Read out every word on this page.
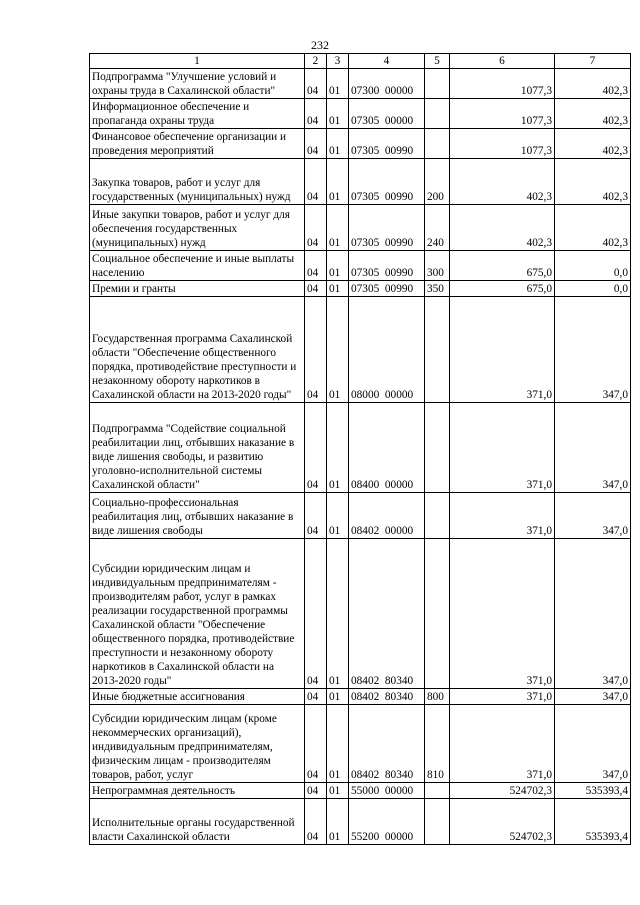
232
1	2	3	4	5	6	7
Подпрограмма "Улучшение условий и охраны труда в Сахалинской области"	04	01	07300  00000		1077,3	402,3
Информационное обеспечение и пропаганда охраны труда	04	01	07305  00000		1077,3	402,3
Финансовое обеспечение организации и проведения мероприятий	04	01	07305  00990		1077,3	402,3
Закупка товаров, работ и услуг для государственных (муниципальных) нужд	04	01	07305  00990	200	402,3	402,3
Иные закупки товаров, работ и услуг для обеспечения государственных (муниципальных) нужд	04	01	07305  00990	240	402,3	402,3
Социальное обеспечение и иные выплаты населению	04	01	07305  00990	300	675,0	0,0
Премии и гранты	04	01	07305  00990	350	675,0	0,0
Государственная программа Сахалинской области "Обеспечение общественного порядка, противодействие преступности и незаконному обороту наркотиков в Сахалинской области на 2013-2020 годы"	04	01	08000  00000		371,0	347,0
Подпрограмма "Содействие социальной реабилитации лиц, отбывших наказание в виде лишения свободы, и развитию уголовно-исполнительной системы Сахалинской области"	04	01	08400  00000		371,0	347,0
Социально-профессиональная реабилитация лиц, отбывших наказание в виде лишения свободы	04	01	08402  00000		371,0	347,0
Субсидии юридическим лицам и индивидуальным предпринимателям - производителям работ, услуг в рамках реализации государственной программы Сахалинской области "Обеспечение общественного порядка, противодействие преступности и незаконному обороту наркотиков в Сахалинской области на 2013-2020 годы"	04	01	08402  80340		371,0	347,0
Иные бюджетные ассигнования	04	01	08402  80340	800	371,0	347,0
Субсидии юридическим лицам (кроме некоммерческих организаций), индивидуальным предпринимателям, физическим лицам - производителям товаров, работ, услуг	04	01	08402  80340	810	371,0	347,0
Непрограммная деятельность	04	01	55000  00000		524702,3	535393,4
Исполнительные органы государственной власти Сахалинской области	04	01	55200  00000		524702,3	535393,4
